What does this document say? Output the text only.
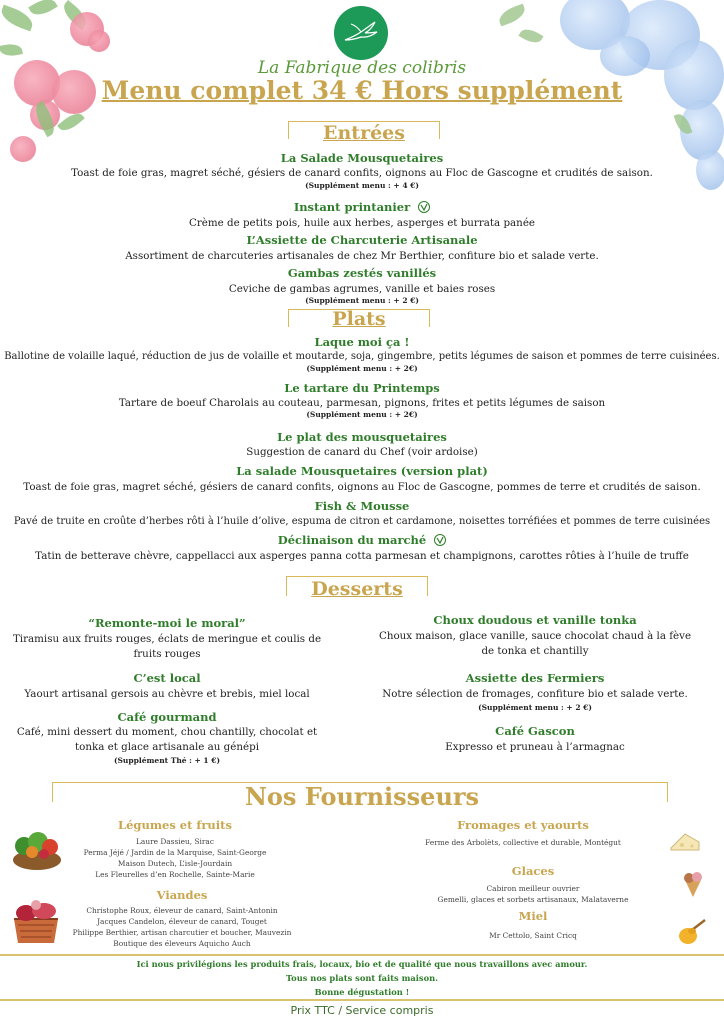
La Fabrique des colibris
Menu complet 34 € Hors supplément
Entrées
La Salade Mousquetaires
Toast de foie gras, magret séché, gésiers de canard confits, oignons au Floc de Gascogne et crudités de saison.
(Supplément menu : + 4 €)
Instant printanier
Crème de petits pois, huile aux herbes, asperges et burrata panée
L’Assiette de Charcuterie Artisanale
Assortiment de charcuteries artisanales de chez Mr Berthier, confiture bio et salade verte.
Gambas zestés vanillés
Ceviche de gambas agrumes, vanille et baies roses
(Supplément menu : + 2 €)
Plats
Laque moi ça !
Ballotine de volaille laqué, réduction de jus de volaille et moutarde, soja, gingembre, petits légumes de saison et pommes de terre cuisinées.
(Supplément menu : + 2€)
Le tartare du Printemps
Tartare de boeuf Charolais au couteau, parmesan, pignons, frites et petits légumes de saison
(Supplément menu : + 2€)
Le plat des mousquetaires
Suggestion de canard du Chef (voir ardoise)
La salade Mousquetaires (version plat)
Toast de foie gras, magret séché, gésiers de canard confits, oignons au Floc de Gascogne, pommes de terre et crudités de saison.
Fish & Mousse
Pavé de truite en croûte d’herbes rôti à l’huile d’olive, espuma de citron et cardamone, noisettes torréfiées et pommes de terre cuisinées
Déclinaison du marché
Tatin de betterave chèvre, cappellacci aux asperges panna cotta parmesan et champignons, carottes rôties à l’huile de truffe
Desserts
“Remonte-moi le moral”
Tiramisu aux fruits rouges, éclats de meringue et coulis de
fruits rouges
C’est local
Yaourt artisanal gersois au chèvre et brebis, miel local
Café gourmand
Café, mini dessert du moment, chou chantilly, chocolat et
tonka et glace artisanale au génépi
(Supplément Thé : + 1 €)
Choux doudous et vanille tonka
Choux maison, glace vanille, sauce chocolat chaud à la fève
de tonka et chantilly
Assiette des Fermiers
Notre sélection de fromages, confiture bio et salade verte.
(Supplément menu : + 2 €)
Café Gascon
Expresso et pruneau à l’armagnac
Nos Fournisseurs
Légumes et fruits
Laure Dassieu, Sirac
Perma Jéjé / Jardin de la Marquise, Saint-George
Maison Dutech, L’isle-Jourdain
Les Fleurelles d’en Rochelle, Sainte-Marie
Viandes
Christophe Roux, éleveur de canard, Saint-Antonin
Jacques Candelon, éleveur de canard, Touget
Philippe Berthier, artisan charcutier et boucher, Mauvezin
Boutique des éleveurs Aquicho Auch
Fromages et yaourts
Ferme des Arbolèts, collective et durable, Montégut
Glaces
Cabiron meilleur ouvrier
Gemelli, glaces et sorbets artisanaux, Malataverne
Miel
Mr Cettolo, Saint Cricq
Ici nous privilégions les produits frais, locaux, bio et de qualité que nous travaillons avec amour.
Tous nos plats sont faits maison.
Bonne dégustation !
Prix TTC / Service compris
